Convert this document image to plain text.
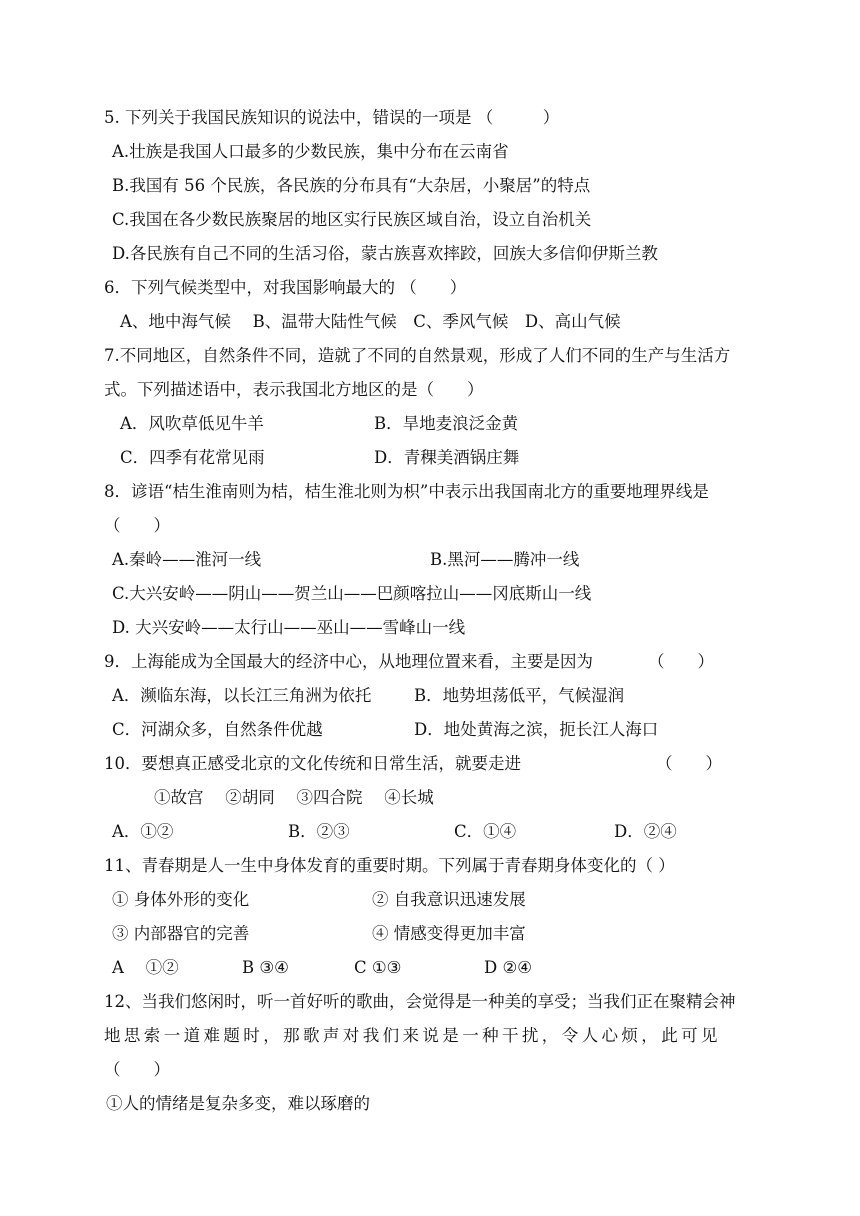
5. 下列关于我国民族知识的说法中，错误的一项是 （　　　）
A.壮族是我国人口最多的少数民族，集中分布在云南省
B.我国有 56 个民族，各民族的分布具有“大杂居，小聚居”的特点
C.我国在各少数民族聚居的地区实行民族区域自治，设立自治机关
D.各民族有自己不同的生活习俗，蒙古族喜欢摔跤，回族大多信仰伊斯兰教
6．下列气候类型中，对我国影响最大的 （　　）
A、地中海气候　 B、温带大陆性气候　C、季风气候　D、高山气候
7.不同地区，自然条件不同，造就了不同的自然景观，形成了人们不同的生产与生活方
式。下列描述语中，表示我国北方地区的是（　　）
A．风吹草低见牛羊	B．旱地麦浪泛金黄
C．四季有花常见雨	D．青稞美酒锅庄舞
8．谚语“桔生淮南则为桔，桔生淮北则为枳”中表示出我国南北方的重要地理界线是
（　　）
A.秦岭——淮河一线	B.黑河——腾冲一线
C.大兴安岭——阴山——贺兰山——巴颜喀拉山——冈底斯山一线
D. 大兴安岭——太行山——巫山——雪峰山一线
9．上海能成为全国最大的经济中心，从地理位置来看，主要是因为	（　　）
A．濒临东海，以长江三角洲为依托	B．地势坦荡低平，气候湿润
C．河湖众多，自然条件优越	D．地处黄海之滨，扼长江人海口
10．要想真正感受北京的文化传统和日常生活，就要走进	（　　）
①故宫　 ②胡同　 ③四合院　 ④长城
A．①②	B．②③	C．①④	D．②④
11、青春期是人一生中身体发育的重要时期。下列属于青春期身体变化的（ ）
① 身体外形的变化	② 自我意识迅速发展
③ 内部器官的完善	④ 情感变得更加丰富
A　 ①②	B ③④	C ①③	D ②④
12、当我们悠闲时，听一首好听的歌曲，会觉得是一种美的享受；当我们正在聚精会神
地思索一道难题时，那歌声对我们来说是一种干扰，令人心烦，此可见
（　　）
①人的情绪是复杂多变，难以琢磨的
